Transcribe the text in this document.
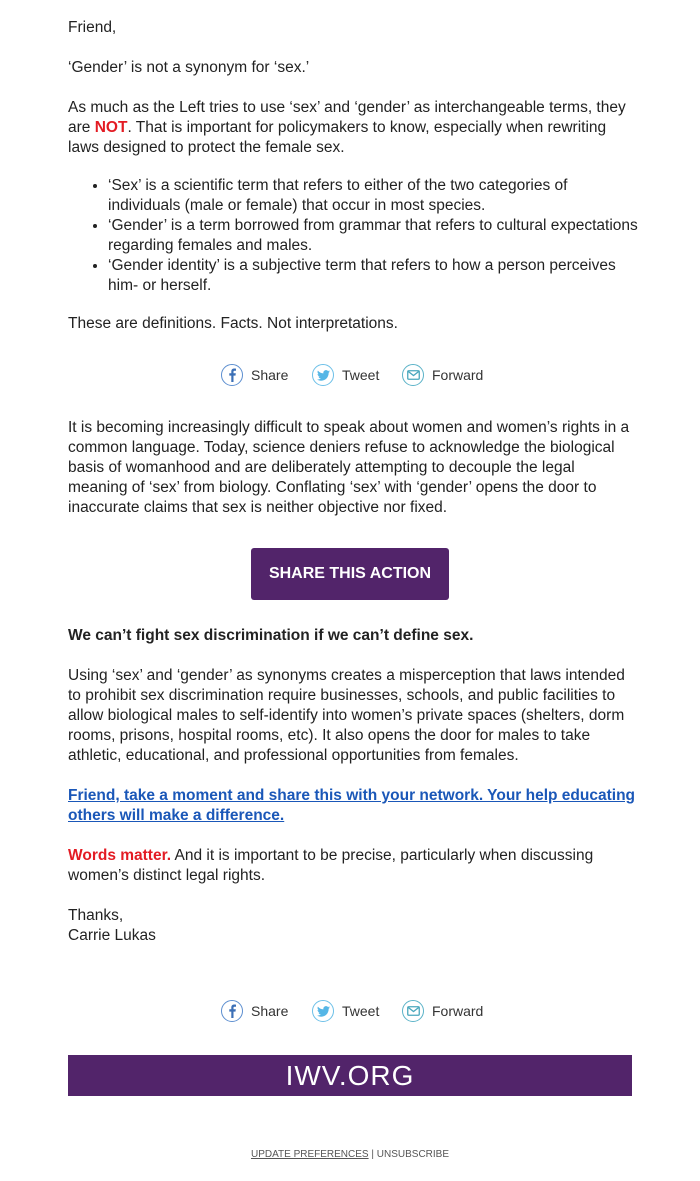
Friend,

‘Gender’ is not a synonym for ‘sex.’

As much as the Left tries to use ‘sex’ and ‘gender’ as interchangeable terms, they are NOT. That is important for policymakers to know, especially when rewriting laws designed to protect the female sex.

• ‘Sex’ is a scientific term that refers to either of the two categories of individuals (male or female) that occur in most species.
• ‘Gender’ is a term borrowed from grammar that refers to cultural expectations regarding females and males.
• ‘Gender identity’ is a subjective term that refers to how a person perceives him- or herself.

These are definitions. Facts. Not interpretations.

Share	Tweet	Forward

It is becoming increasingly difficult to speak about women and women’s rights in a common language. Today, science deniers refuse to acknowledge the biological basis of womanhood and are deliberately attempting to decouple the legal meaning of ‘sex’ from biology. Conflating ‘sex’ with ‘gender’ opens the door to inaccurate claims that sex is neither objective nor fixed.

SHARE THIS ACTION

We can’t fight sex discrimination if we can’t define sex.

Using ‘sex’ and ‘gender’ as synonyms creates a misperception that laws intended to prohibit sex discrimination require businesses, schools, and public facilities to allow biological males to self-identify into women’s private spaces (shelters, dorm rooms, prisons, hospital rooms, etc). It also opens the door for males to take athletic, educational, and professional opportunities from females.

Friend, take a moment and share this with your network. Your help educating others will make a difference.

Words matter. And it is important to be precise, particularly when discussing women’s distinct legal rights.

Thanks,

Carrie Lukas

Share	Tweet	Forward
IWV.ORG
UPDATE PREFERENCES | UNSUBSCRIBE
